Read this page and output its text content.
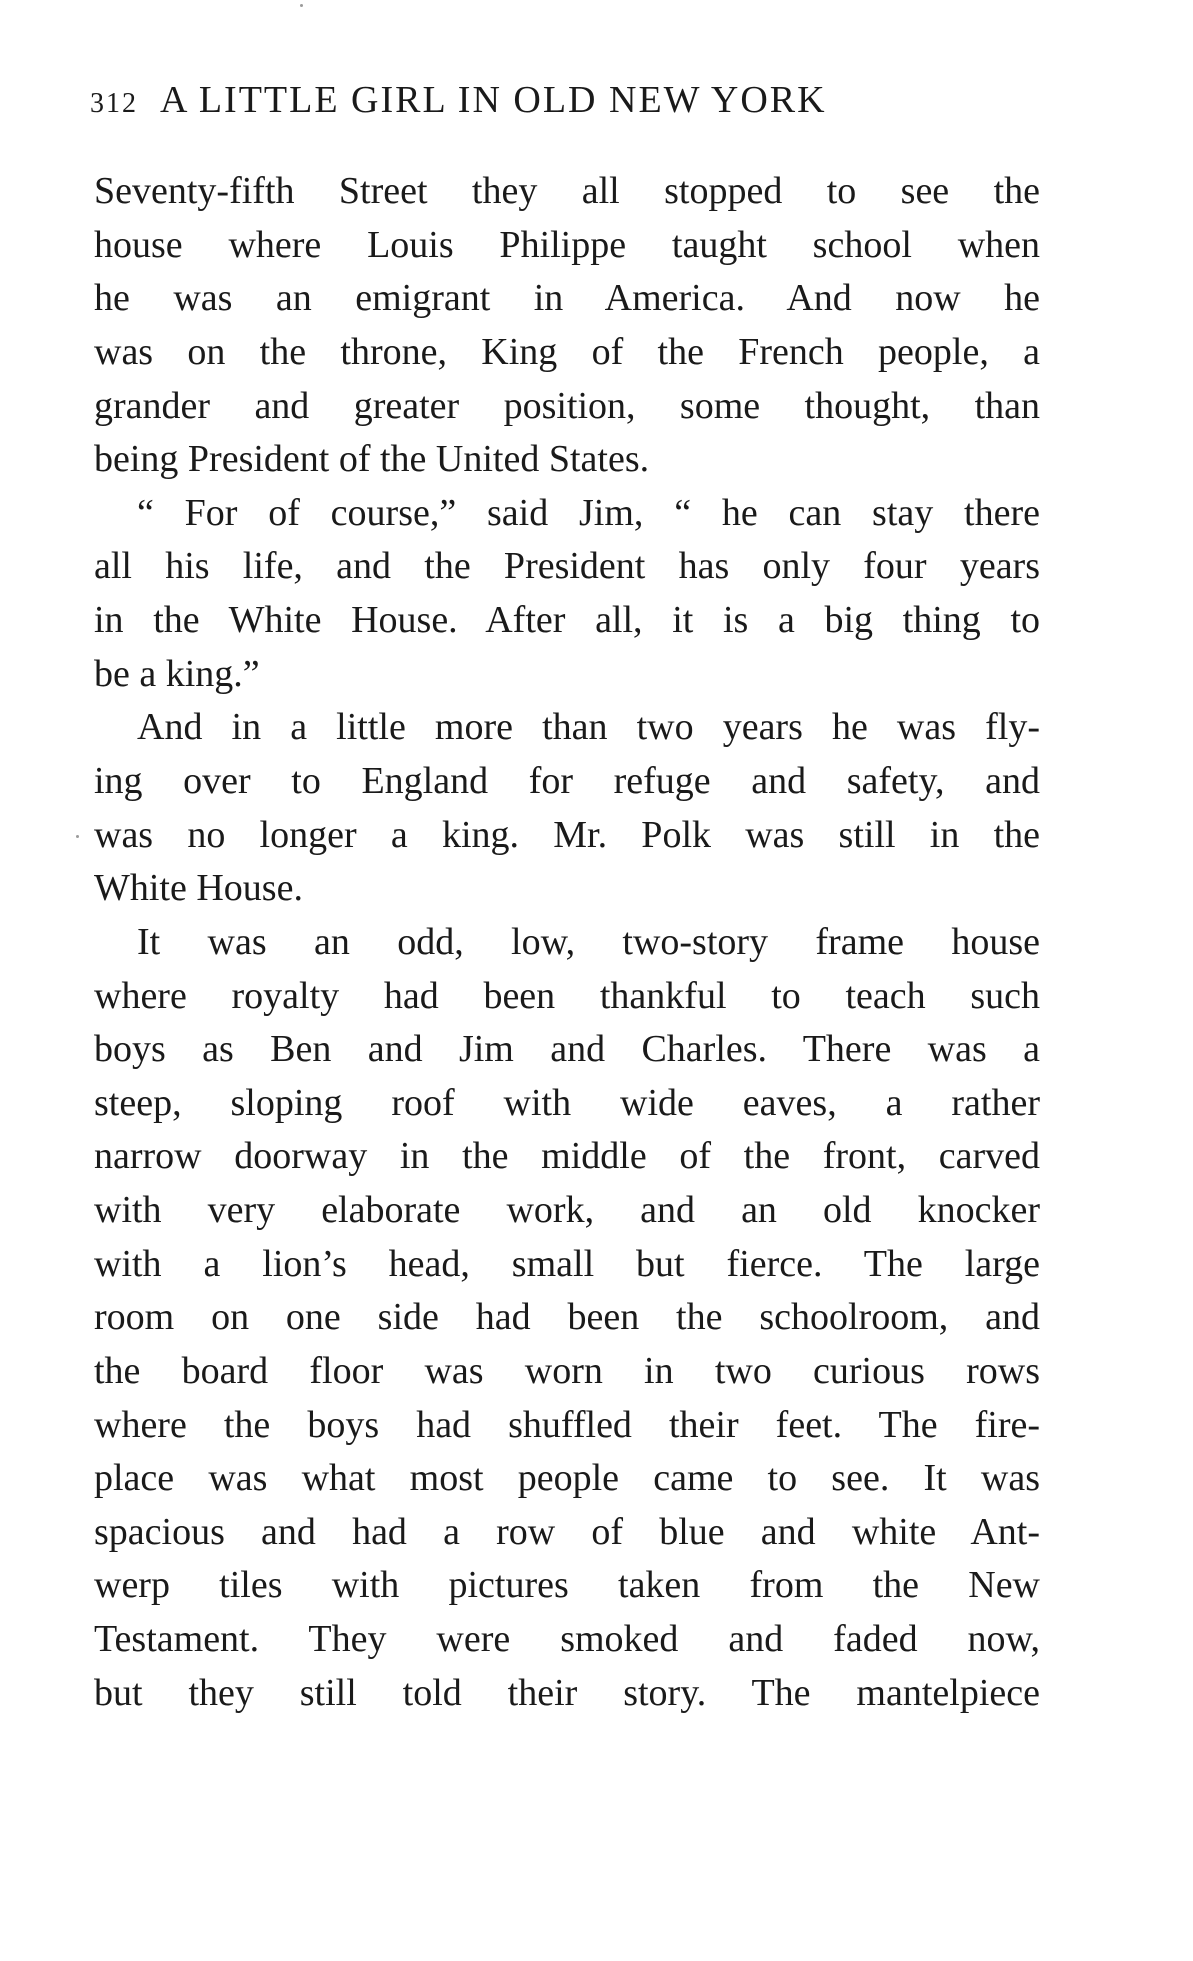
312 A LITTLE GIRL IN OLD NEW YORK
Seventy-fifth Street they all stopped to see the
house where Louis Philippe taught school when
he was an emigrant in America. And now he
was on the throne, King of the French people, a
grander and greater position, some thought, than
being President of the United States.
“ For of course,” said Jim, “ he can stay there
all his life, and the President has only four years
in the White House. After all, it is a big thing to
be a king.”
And in a little more than two years he was fly-
ing over to England for refuge and safety, and
was no longer a king. Mr. Polk was still in the
White House.
It was an odd, low, two-story frame house
where royalty had been thankful to teach such
boys as Ben and Jim and Charles. There was a
steep, sloping roof with wide eaves, a rather
narrow doorway in the middle of the front, carved
with very elaborate work, and an old knocker
with a lion’s head, small but fierce. The large
room on one side had been the schoolroom, and
the board floor was worn in two curious rows
where the boys had shuffled their feet. The fire-
place was what most people came to see. It was
spacious and had a row of blue and white Ant-
werp tiles with pictures taken from the New
Testament. They were smoked and faded now,
but they still told their story. The mantelpiece
